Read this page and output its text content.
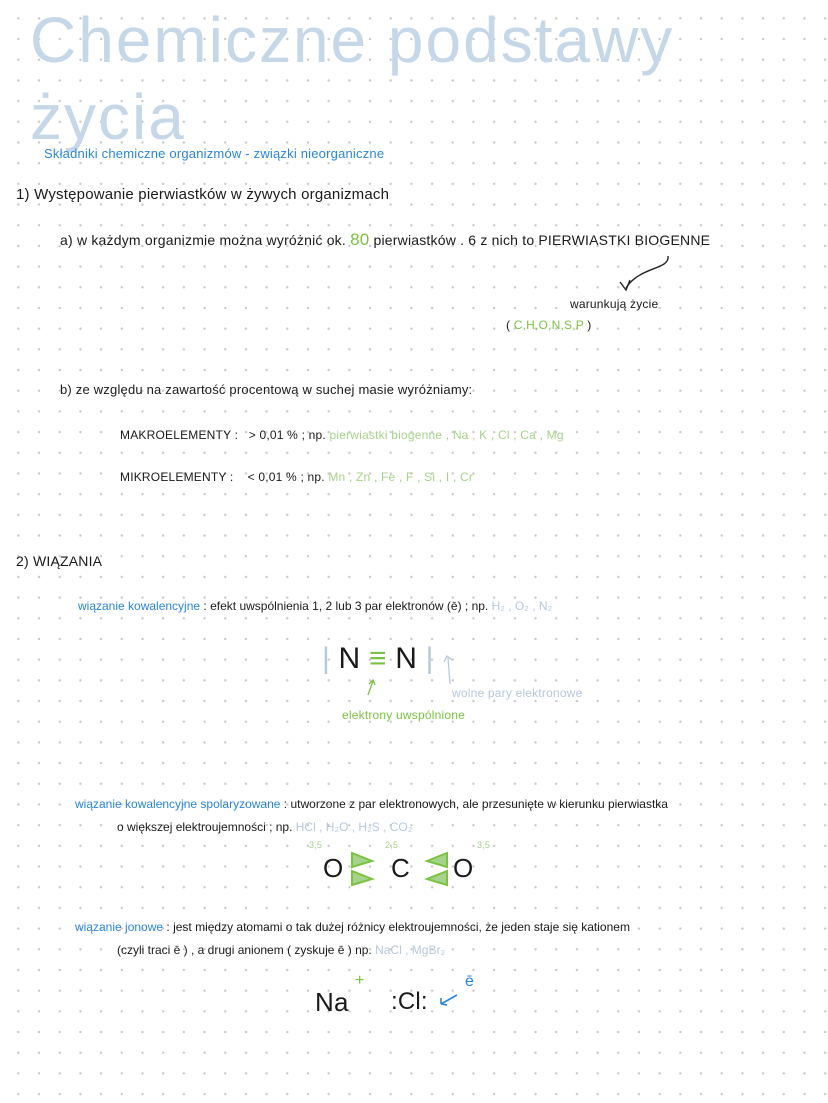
Chemiczne podstawy życia
Składniki chemiczne organizmów - związki nieorganiczne
1) Występowanie pierwiastków w żywych organizmach
a) w każdym organizmie można wyróżnić ok. 80 pierwiastków . 6 z nich to PIERWIASTKI BIOGENNE
warunkują życie
( C,H,O,N,S,P )
b) ze względu na zawartość procentową w suchej masie wyróżniamy:
MAKROELEMENTY : > 0,01 % ; np. pierwiastki biogenne , Na , K , Cl , Ca , Mg
MIKROELEMENTY : < 0,01 % ; np. Mn , Zn , Fe , F , Si , I , Cr
2) WIĄZANIA
wiązanie kowalencyjne : efekt uwspólnienia 1, 2 lub 3 par elektronów (ē) ; np. H₂ , O₂ , N₂
| N ≡ N |
wolne pary elektronowe
elektrony uwspólnione
wiązanie kowalencyjne spolaryzowane : utworzone z par elektronowych, ale przesunięte w kierunku pierwiastka
o większej elektroujemności ; np. HCl , H₂O , H₂S , CO₂
3,5
O
2,5
C O
3,5
wiązanie jonowe : jest między atomami o tak dużej różnicy elektroujemności, że jeden staje się kationem
(czyli traci ē ) , a drugi anionem ( zyskuje ē ) np. NaCl , MgBr₂
Na
+
:Cl:
ē
